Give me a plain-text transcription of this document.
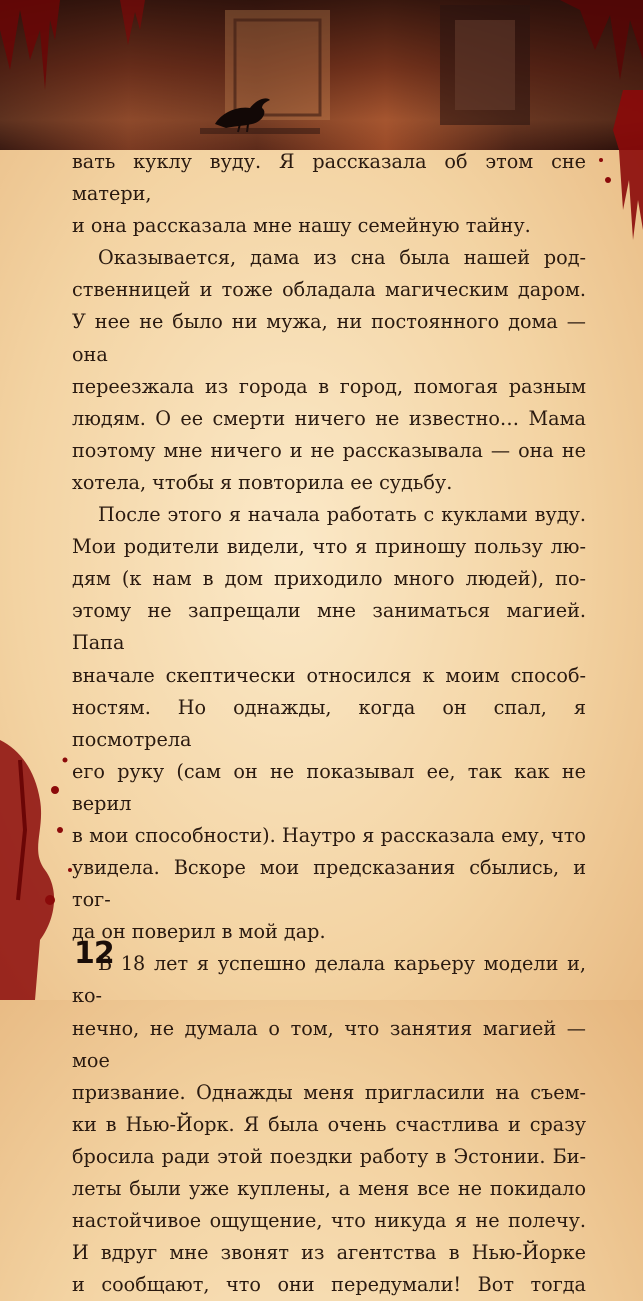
вать куклу вуду. Я рассказала об этом сне матери,

и она рассказала мне нашу семейную тайну.

Оказывается, дама из сна была нашей род-

ственницей и тоже обладала магическим даром.

У нее не было ни мужа, ни постоянного дома — она

переезжала из города в город, помогая разным

людям. О ее смерти ничего не известно… Мама

поэтому мне ничего и не рассказывала — она не

хотела, чтобы я повторила ее судьбу.

После этого я начала работать с куклами вуду.

Мои родители видели, что я приношу пользу лю-

дям (к нам в дом приходило много людей), по-

этому не запрещали мне заниматься магией. Папа

вначале скептически относился к моим способ-

ностям. Но однажды, когда он спал, я посмотрела

его руку (сам он не показывал ее, так как не верил

в мои способности). Наутро я рассказала ему, что

увидела. Вскоре мои предсказания сбылись, и тог-

да он поверил в мой дар.

В 18 лет я успешно делала карьеру модели и, ко-

нечно, не думала о том, что занятия магией — мое

призвание. Однажды меня пригласили на съем-

ки в Нью-Йорк. Я была очень счастлива и сразу

бросила ради этой поездки работу в Эстонии. Би-

леты были уже куплены, а меня все не покидало

настойчивое ощущение, что никуда я не полечу.

И вдруг мне звонят из агентства в Нью-Йорке

и сообщают, что они передумали! Вот тогда

12
